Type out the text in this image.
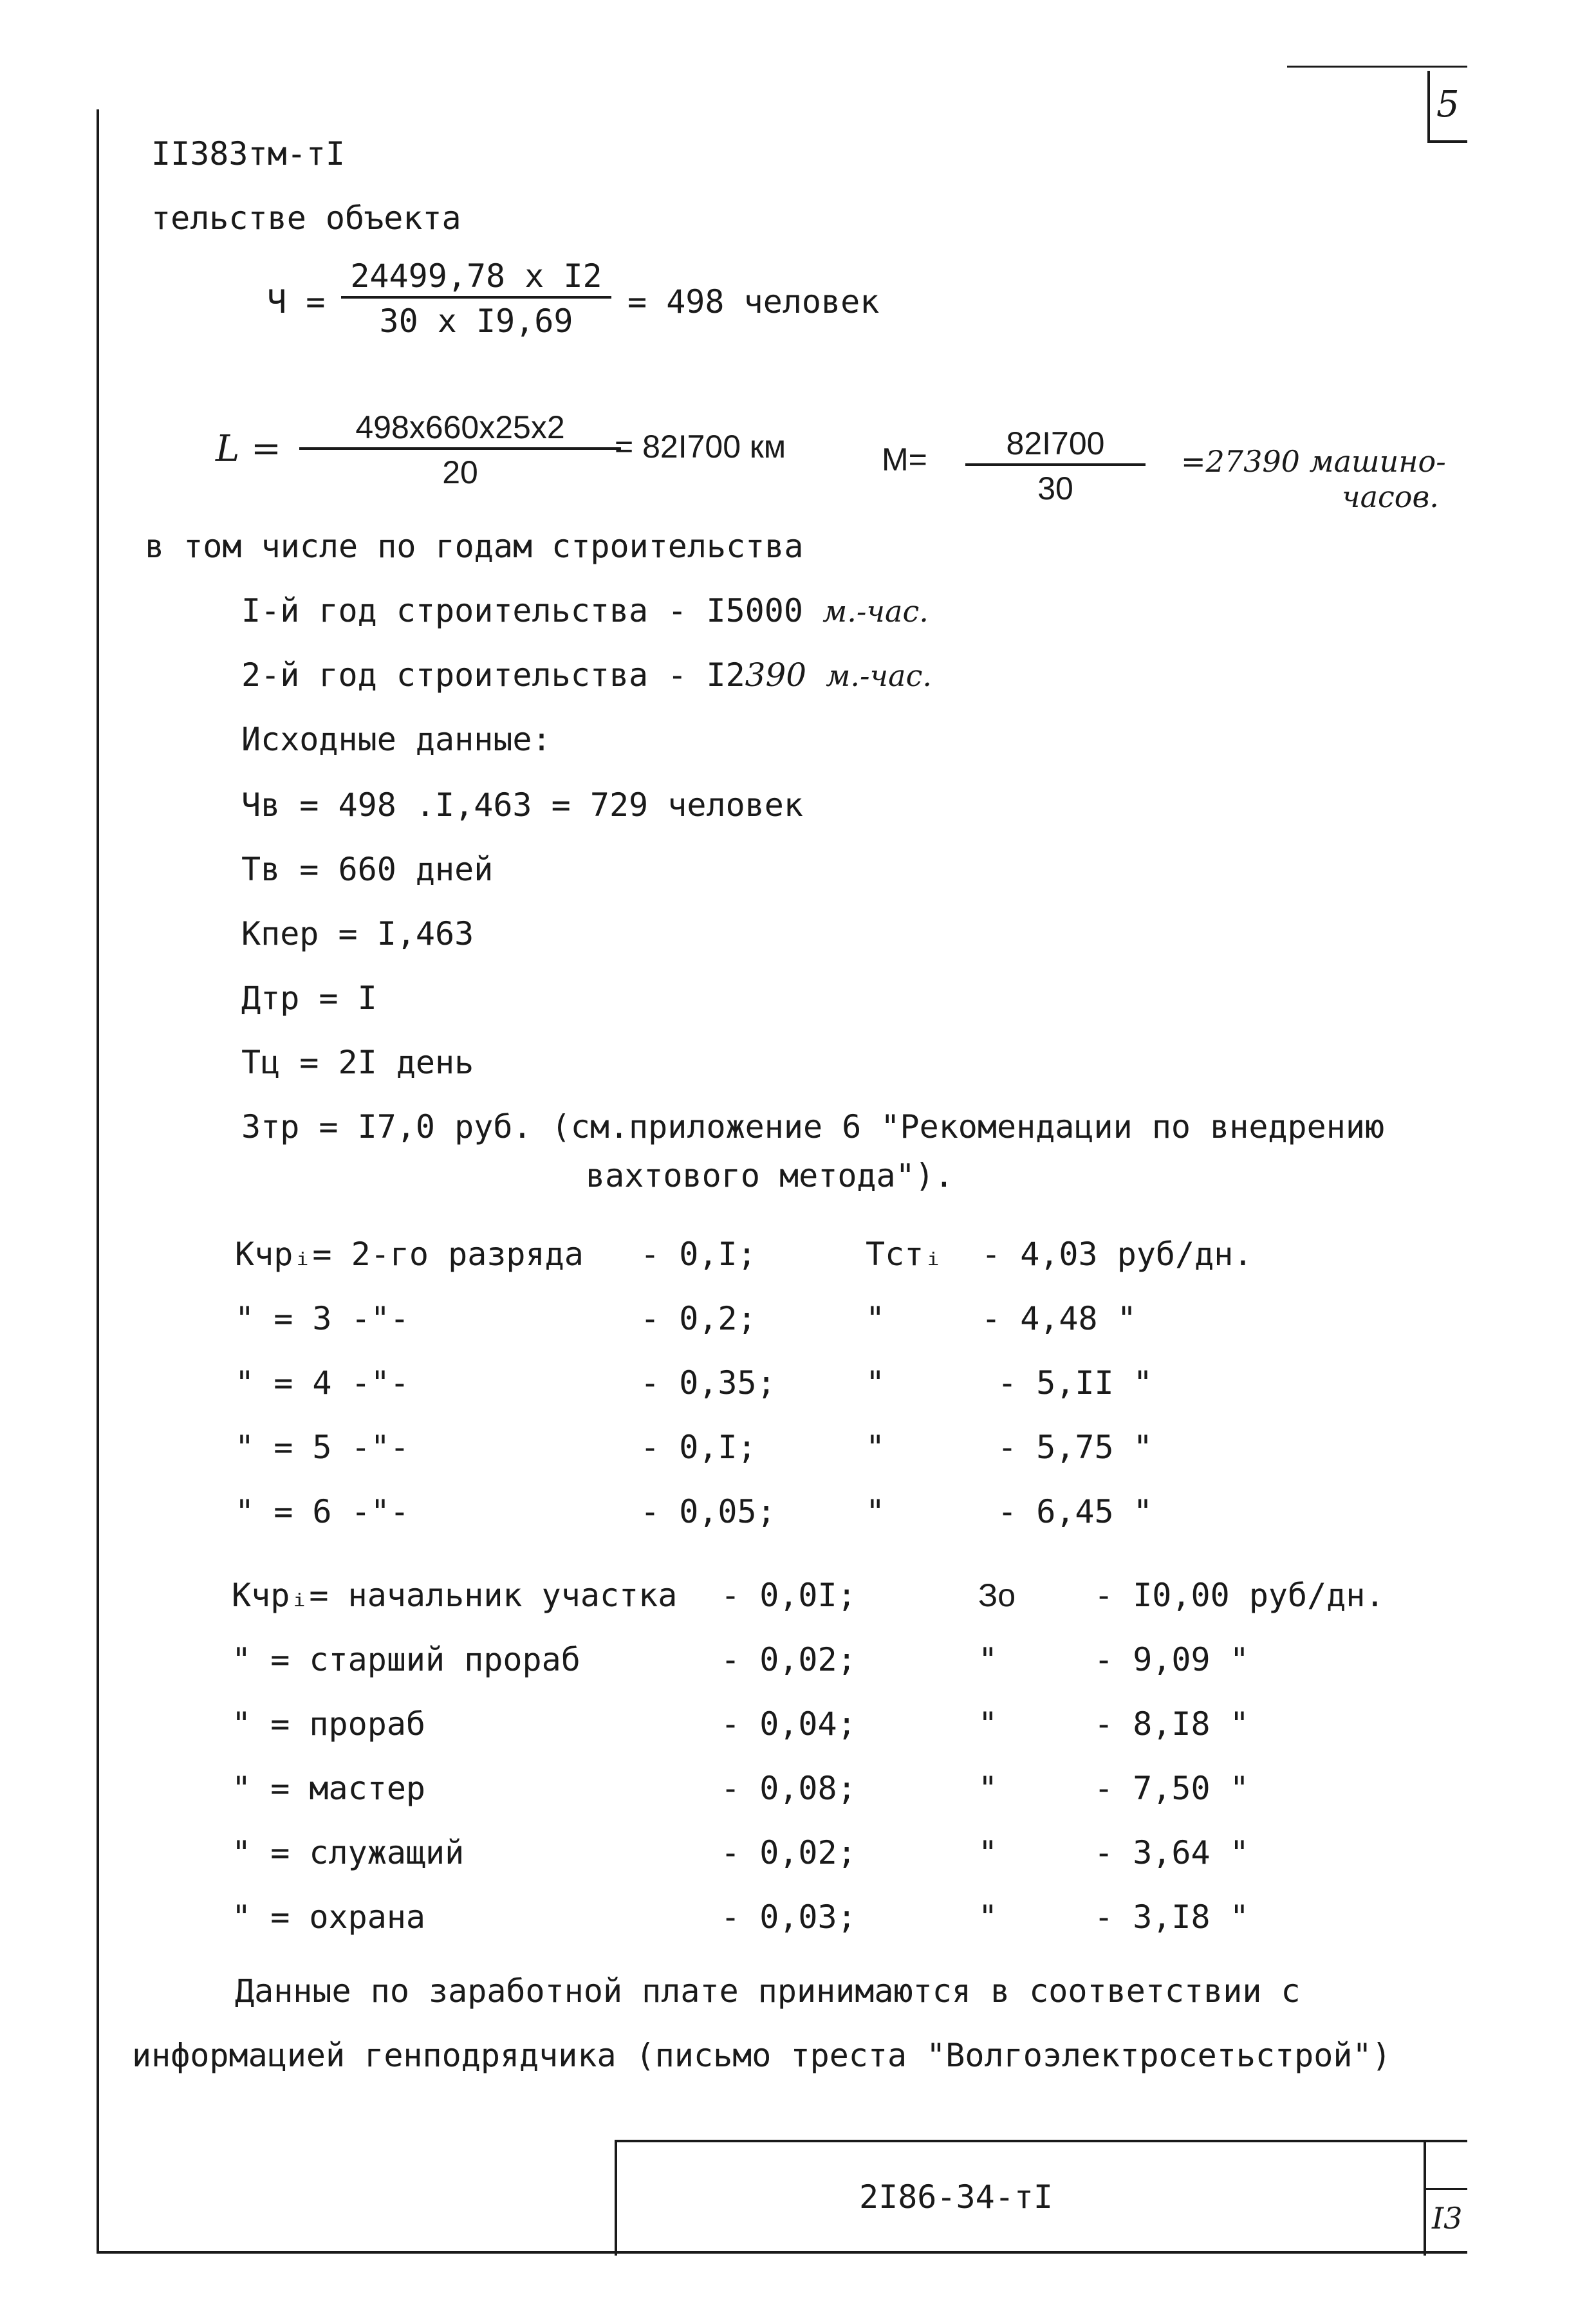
5
II383тм-тI
тельстве объекта
Ч =
24499,78 х I2
30 х I9,69
= 498 человек
L =
498х660х25х2
20
= 82I700 км	М=	82I700
30
=27390 машино-
часов.
в том числе по годам строительства
I-й год строительства - I5000 м.-час.
2-й год строительства - I2390 м.-час.
Исходные данные:
Чв = 498 .I,463 = 729 человек
Тв = 660 дней
Кпер = I,463
Дтр = I
Тц = 2I день
Зтр = I7,0 руб. (см.приложение 6 "Рекомендации по внедрению
вахтового метода").
Кчрᵢ= 2-го разряда - 0,I;	Тстᵢ - 4,03 руб/дн.
" = 3 -"-	- 0,2;	"	- 4,48 "
" = 4 -"-	- 0,35;	"	- 5,II "
" = 5 -"-	- 0,I;	"	- 5,75 "
" = 6 -"-	- 0,05;	"	- 6,45 "
Кчрᵢ= начальник участка - 0,0I;	Зо - I0,00 руб/дн.
" = старший прораб	- 0,02;	"	- 9,09 "
" = прораб	- 0,04;	"	- 8,I8 "
" = мастер	- 0,08;	"	- 7,50 "
" = служащий	- 0,02;	"	- 3,64 "
" = охрана	- 0,03;	"	- 3,I8 "
Данные по заработной плате принимаются в соответствии с
информацией генподрядчика (письмо треста "Волгоэлектросетьстрой")
2I86-34-тI
I3
